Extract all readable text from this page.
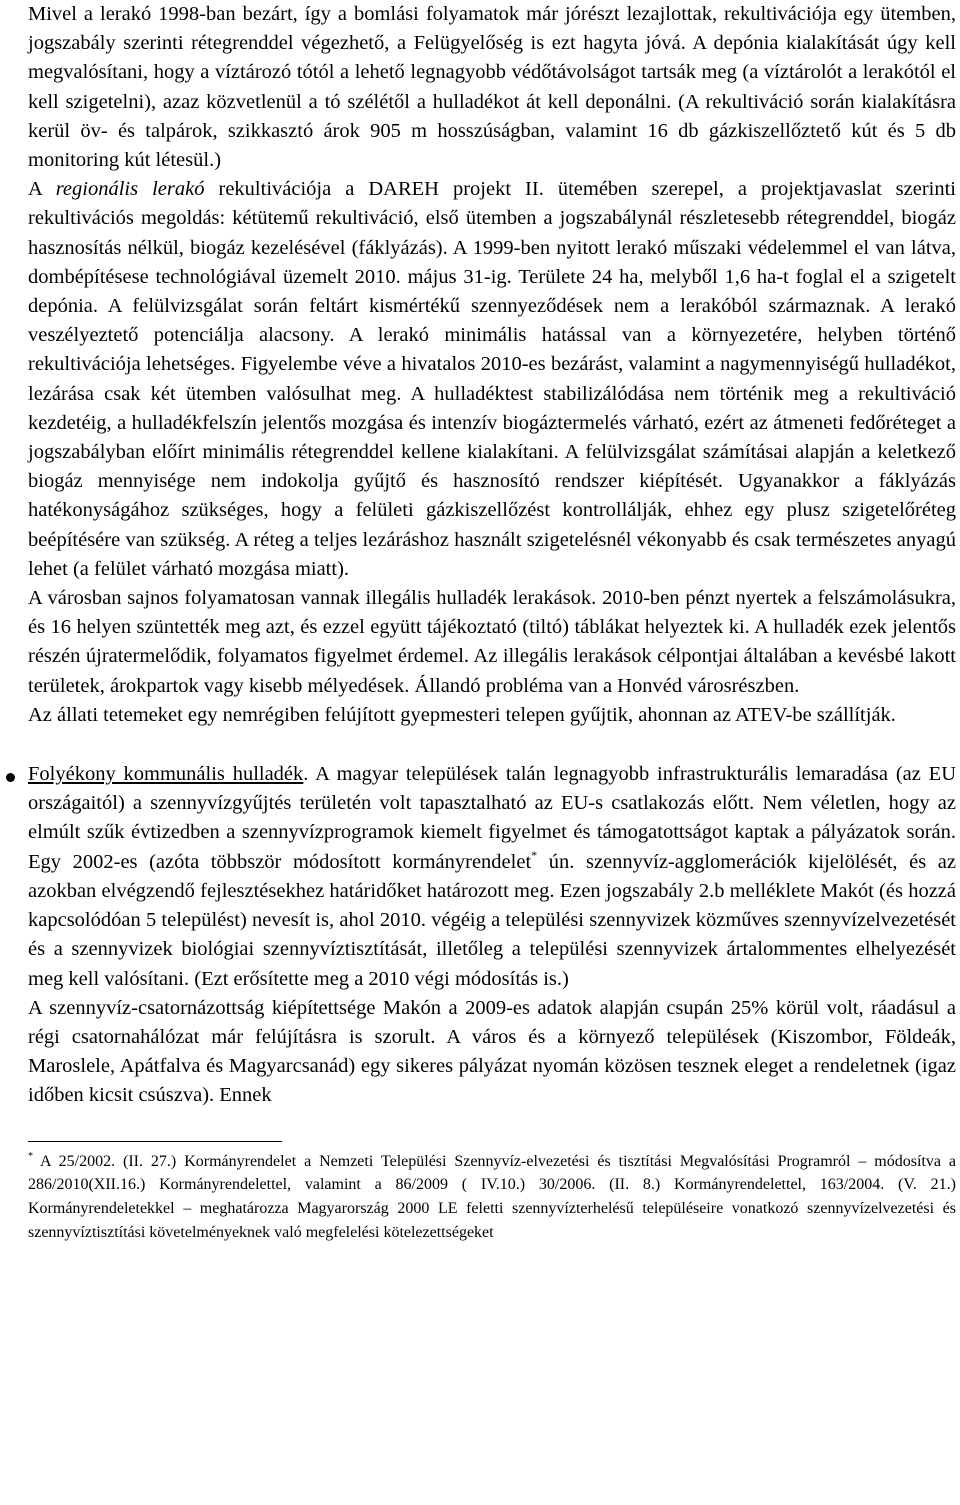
Mivel a lerakó 1998-ban bezárt, így a bomlási folyamatok már jórészt lezajlottak, rekultivációja egy ütemben, jogszabály szerinti rétegrenddel végezhető, a Felügyelőség is ezt hagyta jóvá. A depónia kialakítását úgy kell megvalósítani, hogy a víztározó tótól a lehető legnagyobb védőtávolságot tartsák meg (a víztárolót a lerakótól el kell szigetelni), azaz közvetlenül a tó szélétől a hulladékot át kell deponálni. (A rekultiváció során kialakításra kerül öv- és talpárok, szikkasztó árok 905 m hosszúságban, valamint 16 db gázkiszellőztető kút és 5 db monitoring kút létesül.)

A regionális lerakó rekultivációja a DAREH projekt II. ütemében szerepel, a projektjavaslat szerinti rekultivációs megoldás: kétütemű rekultiváció, első ütemben a jogszabálynál részletesebb rétegrenddel, biogáz hasznosítás nélkül, biogáz kezelésével (fáklyázás). A 1999-ben nyitott lerakó műszaki védelemmel el van látva, dombépítésese technológiával üzemelt 2010. május 31-ig. Területe 24 ha, melyből 1,6 ha-t foglal el a szigetelt depónia. A felülvizsgálat során feltárt kismértékű szennyeződések nem a lerakóból származnak. A lerakó veszélyeztető potenciálja alacsony. A lerakó minimális hatással van a környezetére, helyben történő rekultivációja lehetséges. Figyelembe véve a hivatalos 2010-es bezárást, valamint a nagymennyiségű hulladékot, lezárása csak két ütemben valósulhat meg. A hulladéktest stabilizálódása nem történik meg a rekultiváció kezdetéig, a hulladékfelszín jelentős mozgása és intenzív biogáztermelés várható, ezért az átmeneti fedőréteget a jogszabályban előírt minimális rétegrenddel kellene kialakítani. A felülvizsgálat számításai alapján a keletkező biogáz mennyisége nem indokolja gyűjtő és hasznosító rendszer kiépítését. Ugyanakkor a fáklyázás hatékonyságához szükséges, hogy a felületi gázkiszellőzést kontrollálják, ehhez egy plusz szigetelőréteg beépítésére van szükség. A réteg a teljes lezáráshoz használt szigetelésnél vékonyabb és csak természetes anyagú lehet (a felület várható mozgása miatt).

A városban sajnos folyamatosan vannak illegális hulladék lerakások. 2010-ben pénzt nyertek a felszámolásukra, és 16 helyen szüntették meg azt, és ezzel együtt tájékoztató (tiltó) táblákat helyeztek ki. A hulladék ezek jelentős részén újratermelődik, folyamatos figyelmet érdemel. Az illegális lerakások célpontjai általában a kevésbé lakott területek, árokpartok vagy kisebb mélyedések. Állandó probléma van a Honvéd városrészben.

Az állati tetemeket egy nemrégiben felújított gyepmesteri telepen gyűjtik, ahonnan az ATEV-be szállítják.

Folyékony kommunális hulladék. A magyar települések talán legnagyobb infrastrukturális lemaradása (az EU országaitól) a szennyvízgyűjtés területén volt tapasztalható az EU-s csatlakozás előtt. Nem véletlen, hogy az elmúlt szűk évtizedben a szennyvízprogramok kiemelt figyelmet és támogatottságot kaptak a pályázatok során. Egy 2002-es (azóta többször módosított kormányrendelet* ún. szennyvíz-agglomerációk kijelölését, és az azokban elvégzendő fejlesztésekhez határidőket határozott meg. Ezen jogszabály 2.b melléklete Makót (és hozzá kapcsolódóan 5 települést) nevesít is, ahol 2010. végéig a települési szennyvizek közműves szennyvízelvezetését és a szennyvizek biológiai szennyvíztisztítását, illetőleg a települési szennyvizek ártalommentes elhelyezését meg kell valósítani. (Ezt erősítette meg a 2010 végi módosítás is.)

A szennyvíz-csatornázottság kiépítettsége Makón a 2009-es adatok alapján csupán 25% körül volt, ráadásul a régi csatornahálózat már felújításra is szorult. A város és a környező települések (Kiszombor, Földeák, Maroslele, Apátfalva és Magyarcsanád) egy sikeres pályázat nyomán közösen tesznek eleget a rendeletnek (igaz időben kicsit csúszva). Ennek

* A 25/2002. (II. 27.) Kormányrendelet a Nemzeti Települési Szennyvíz-elvezetési és tisztítási Megvalósítási Programról – módosítva a 286/2010(XII.16.) Kormányrendelettel, valamint a 86/2009 ( IV.10.) 30/2006. (II. 8.) Kormányrendelettel, 163/2004. (V. 21.) Kormányrendeletekkel – meghatározza Magyarország 2000 LE feletti szennyvízterhelésű településeire vonatkozó szennyvízelvezetési és szennyvíztisztítási követelményeknek való megfelelési kötelezettségeket
